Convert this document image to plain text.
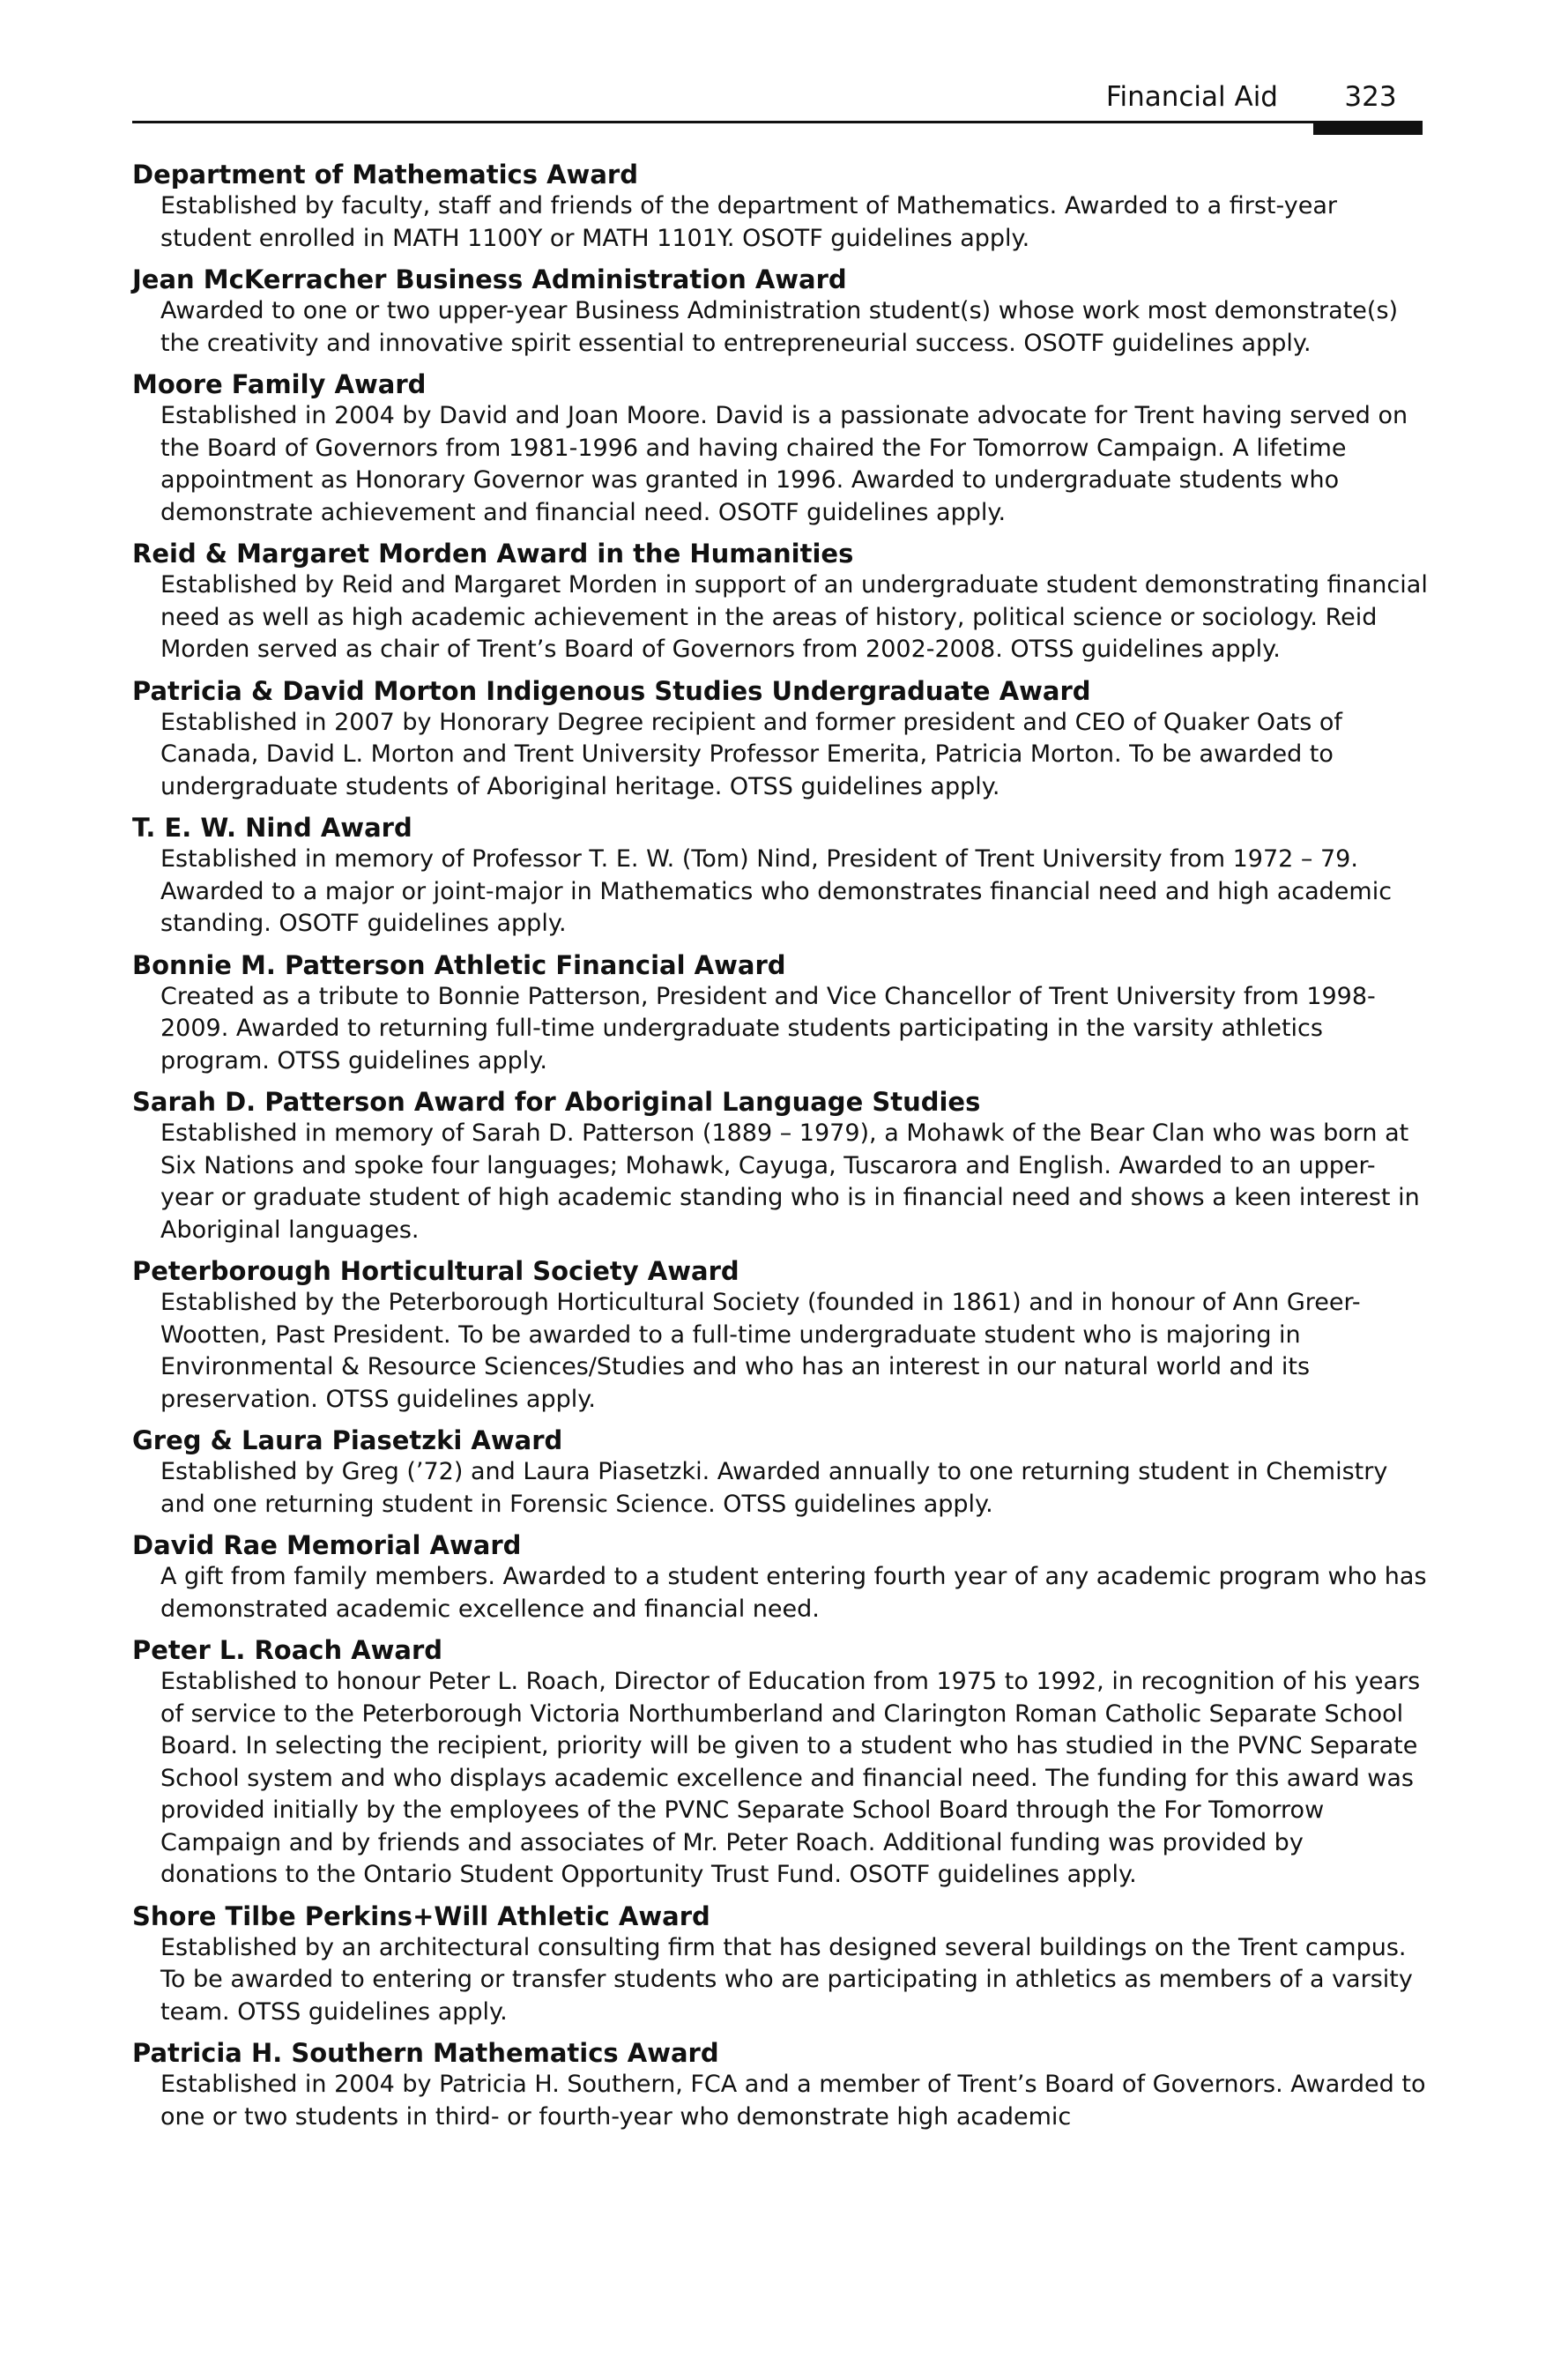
Financial Aid	323

Department of Mathematics Award

Established by faculty, staff and friends of the department of Mathematics. Awarded to a first-year student enrolled in MATH 1100Y or MATH 1101Y. OSOTF guidelines apply.

Jean McKerracher Business Administration Award

Awarded to one or two upper-year Business Administration student(s) whose work most demonstrate(s) the creativity and innovative spirit essential to entrepreneurial success. OSOTF guidelines apply.

Moore Family Award

Established in 2004 by David and Joan Moore. David is a passionate advocate for Trent having served on the Board of Governors from 1981-1996 and having chaired the For Tomorrow Campaign. A lifetime appointment as Honorary Governor was granted in 1996. Awarded to undergraduate students who demonstrate achievement and financial need. OSOTF guidelines apply.

Reid & Margaret Morden Award in the Humanities

Established by Reid and Margaret Morden in support of an undergraduate student demonstrating financial need as well as high academic achievement in the areas of history, political science or sociology. Reid Morden served as chair of Trent’s Board of Governors from 2002-2008. OTSS guidelines apply.

Patricia & David Morton Indigenous Studies Undergraduate Award

Established in 2007 by Honorary Degree recipient and former president and CEO of Quaker Oats of Canada, David L. Morton and Trent University Professor Emerita, Patricia Morton. To be awarded to undergraduate students of Aboriginal heritage. OTSS guidelines apply.

T. E. W. Nind Award

Established in memory of Professor T. E. W. (Tom) Nind, President of Trent University from 1972 – 79. Awarded to a major or joint-major in Mathematics who demonstrates financial need and high academic standing. OSOTF guidelines apply.

Bonnie M. Patterson Athletic Financial Award

Created as a tribute to Bonnie Patterson, President and Vice Chancellor of Trent University from 1998-2009. Awarded to returning full-time undergraduate students participating in the varsity athletics program. OTSS guidelines apply.

Sarah D. Patterson Award for Aboriginal Language Studies

Established in memory of Sarah D. Patterson (1889 – 1979), a Mohawk of the Bear Clan who was born at Six Nations and spoke four languages; Mohawk, Cayuga, Tuscarora and English. Awarded to an upper-year or graduate student of high academic standing who is in financial need and shows a keen interest in Aboriginal languages.

Peterborough Horticultural Society Award

Established by the Peterborough Horticultural Society (founded in 1861) and in honour of Ann Greer-Wootten, Past President. To be awarded to a full-time undergraduate student who is majoring in Environmental & Resource Sciences/Studies and who has an interest in our natural world and its preservation. OTSS guidelines apply.

Greg & Laura Piasetzki Award

Established by Greg (’72) and Laura Piasetzki. Awarded annually to one returning student in Chemistry and one returning student in Forensic Science. OTSS guidelines apply.

David Rae Memorial Award

A gift from family members. Awarded to a student entering fourth year of any academic program who has demonstrated academic excellence and financial need.

Peter L. Roach Award

Established to honour Peter L. Roach, Director of Education from 1975 to 1992, in recognition of his years of service to the Peterborough Victoria Northumberland and Clarington Roman Catholic Separate School Board. In selecting the recipient, priority will be given to a student who has studied in the PVNC Separate School system and who displays academic excellence and financial need. The funding for this award was provided initially by the employees of the PVNC Separate School Board through the For Tomorrow Campaign and by friends and associates of Mr. Peter Roach. Additional funding was provided by donations to the Ontario Student Opportunity Trust Fund. OSOTF guidelines apply.

Shore Tilbe Perkins+Will Athletic Award

Established by an architectural consulting firm that has designed several buildings on the Trent campus. To be awarded to entering or transfer students who are participating in athletics as members of a varsity team. OTSS guidelines apply.

Patricia H. Southern Mathematics Award

Established in 2004 by Patricia H. Southern, FCA and a member of Trent’s Board of Governors. Awarded to one or two students in third- or fourth-year who demonstrate high academic
